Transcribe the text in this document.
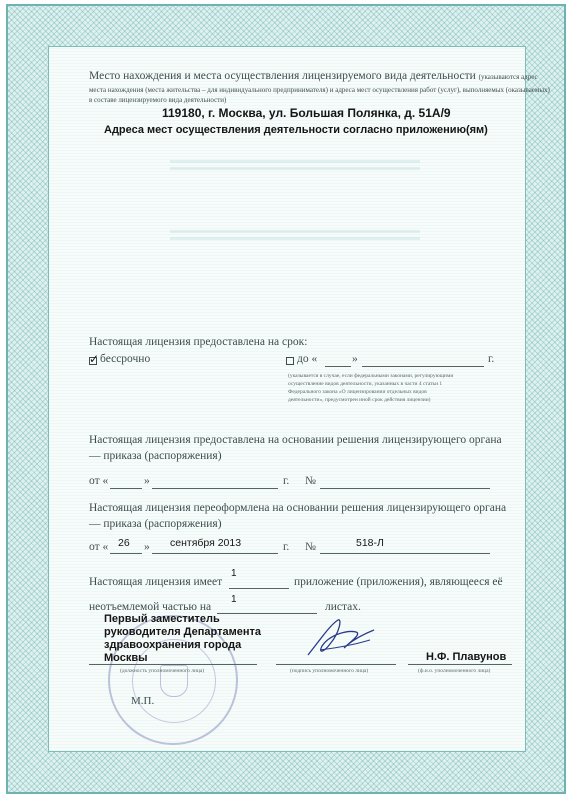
Место нахождения и места осуществления лицензируемого вида деятельности (указываются адрес
места нахождения (места жительства – для индивидуального предпринимателя) и адреса мест осуществления работ (услуг), выполняемых (оказываемых)
в составе лицензируемого вида деятельности)
119180, г. Москва, ул. Большая Полянка, д. 51А/9
Адреса мест осуществления деятельности согласно приложению(ям)
Настоящая лицензия предоставлена на срок:
✓ бессрочно	до «	»	г.
(указывается в случае, если федеральными законами, регулирующими осуществление видов деятельности, указанных в части 4 статьи 1 Федерального закона «О лицензировании отдельных видов деятельности», предусмотрен иной срок действия лицензии)
Настоящая лицензия предоставлена на основании решения лицензирующего органа
— приказа (распоряжения)
от «	»	г. №
Настоящая лицензия переоформлена на основании решения лицензирующего органа
— приказа (распоряжения)
от « 26 » сентября 2013	г. №	518-Л
Настоящая лицензия имеет
1
приложение (приложения), являющееся её
неотъемлемой частью на
1
листах.
Первый заместитель
руководителя Департамента
здравоохранения города
Москвы
(должность уполномоченного лица)	(подпись уполномоченного лица)
Н.Ф. Плавунов
(ф.и.о. уполномоченного лица)
М.П.
